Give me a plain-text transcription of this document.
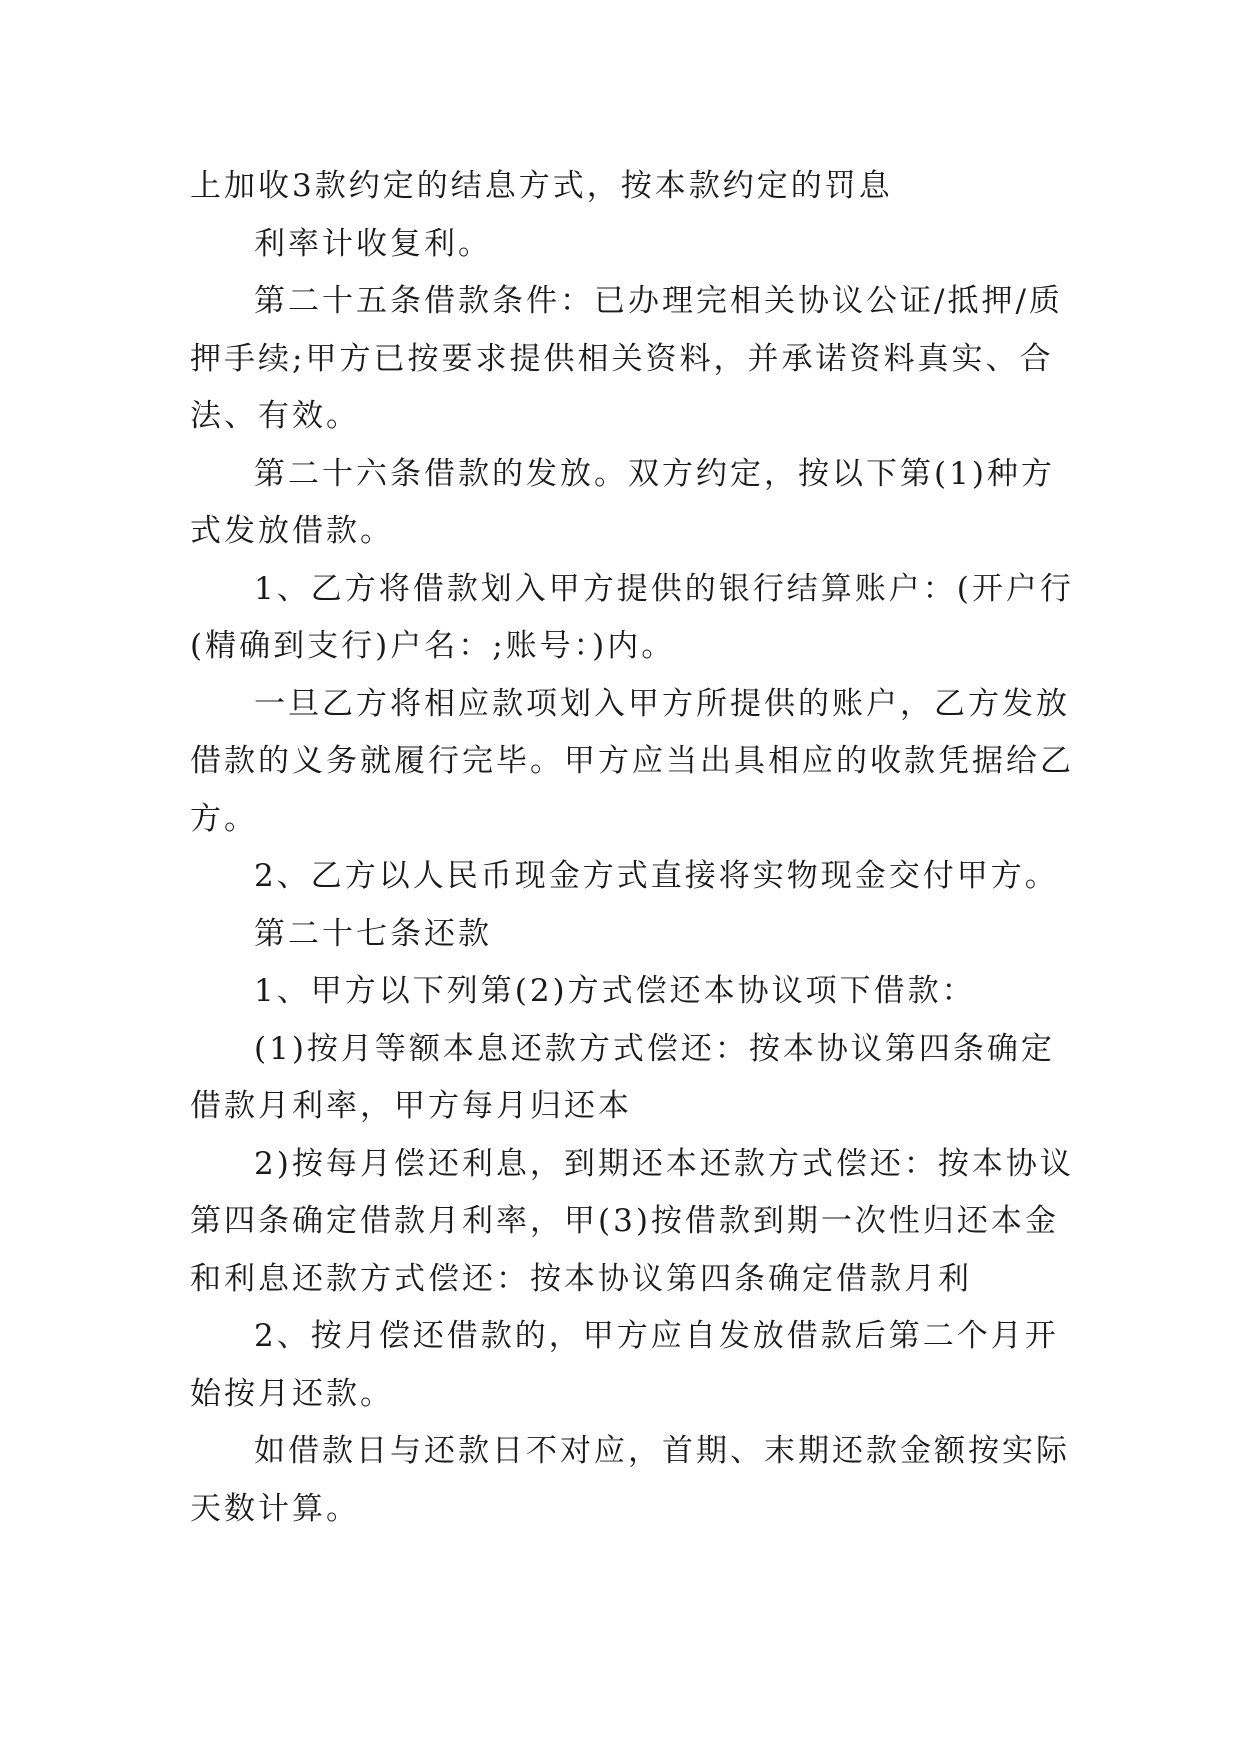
上加收3款约定的结息方式，按本款约定的罚息
利率计收复利。
第二十五条借款条件：已办理完相关协议公证/抵押/质
押手续;甲方已按要求提供相关资料，并承诺资料真实、合
法、有效。
第二十六条借款的发放。双方约定，按以下第(1)种方
式发放借款。
1、乙方将借款划入甲方提供的银行结算账户：(开户行
(精确到支行)户名：;账号：)内。
一旦乙方将相应款项划入甲方所提供的账户，乙方发放
借款的义务就履行完毕。甲方应当出具相应的收款凭据给乙
方。
2、乙方以人民币现金方式直接将实物现金交付甲方。
第二十七条还款
1、甲方以下列第(2)方式偿还本协议项下借款：
(1)按月等额本息还款方式偿还：按本协议第四条确定
借款月利率，甲方每月归还本
2)按每月偿还利息，到期还本还款方式偿还：按本协议
第四条确定借款月利率，甲(3)按借款到期一次性归还本金
和利息还款方式偿还：按本协议第四条确定借款月利
2、按月偿还借款的，甲方应自发放借款后第二个月开
始按月还款。
如借款日与还款日不对应，首期、末期还款金额按实际
天数计算。
